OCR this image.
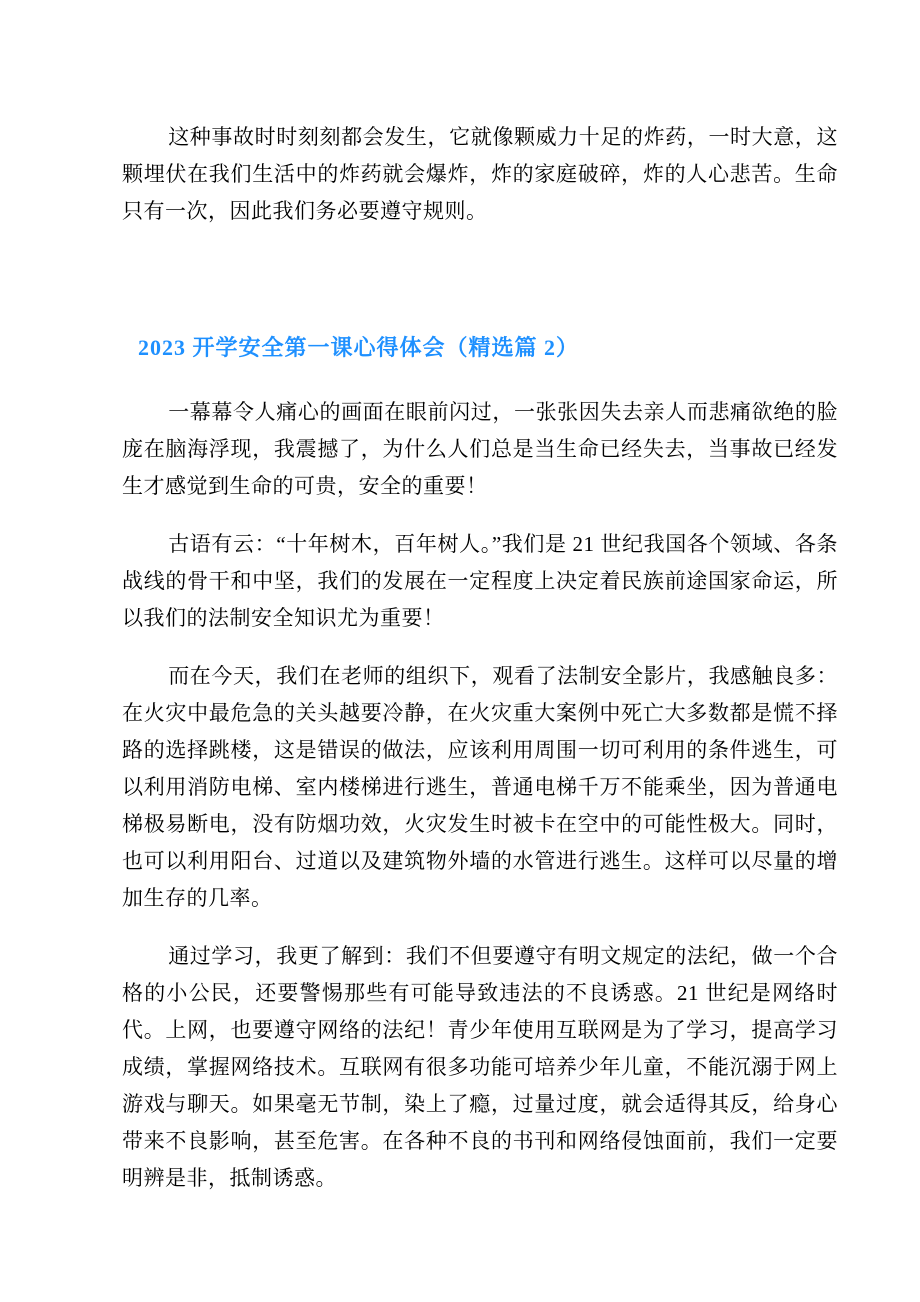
这种事故时时刻刻都会发生，它就像颗威力十足的炸药，一时大意，这颗埋伏在我们生活中的炸药就会爆炸，炸的家庭破碎，炸的人心悲苦。生命只有一次，因此我们务必要遵守规则。

2023 开学安全第一课心得体会（精选篇 2）

一幕幕令人痛心的画面在眼前闪过，一张张因失去亲人而悲痛欲绝的脸庞在脑海浮现，我震撼了，为什么人们总是当生命已经失去，当事故已经发生才感觉到生命的可贵，安全的重要！

古语有云：“十年树木，百年树人。”我们是 21 世纪我国各个领域、各条战线的骨干和中坚，我们的发展在一定程度上决定着民族前途国家命运，所以我们的法制安全知识尤为重要！

而在今天，我们在老师的组织下，观看了法制安全影片，我感触良多：在火灾中最危急的关头越要冷静，在火灾重大案例中死亡大多数都是慌不择路的选择跳楼，这是错误的做法，应该利用周围一切可利用的条件逃生，可以利用消防电梯、室内楼梯进行逃生，普通电梯千万不能乘坐，因为普通电梯极易断电，没有防烟功效，火灾发生时被卡在空中的可能性极大。同时，也可以利用阳台、过道以及建筑物外墙的水管进行逃生。这样可以尽量的增加生存的几率。

通过学习，我更了解到：我们不但要遵守有明文规定的法纪，做一个合格的小公民，还要警惕那些有可能导致违法的不良诱惑。21 世纪是网络时代。上网，也要遵守网络的法纪！青少年使用互联网是为了学习，提高学习成绩，掌握网络技术。互联网有很多功能可培养少年儿童，不能沉溺于网上游戏与聊天。如果毫无节制，染上了瘾，过量过度，就会适得其反，给身心带来不良影响，甚至危害。在各种不良的书刊和网络侵蚀面前，我们一定要明辨是非，抵制诱惑。
